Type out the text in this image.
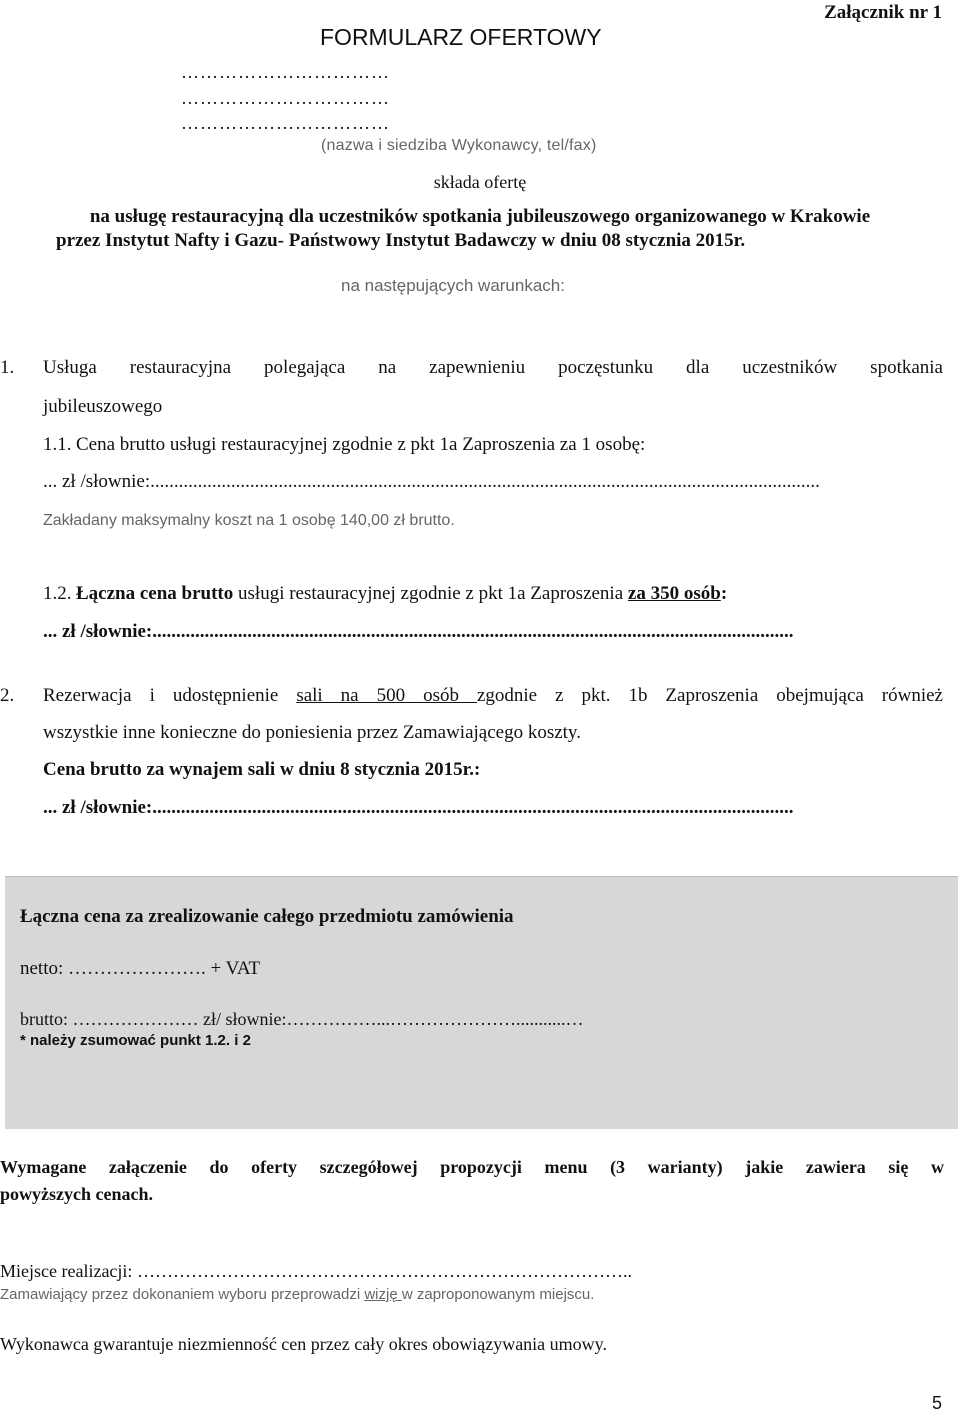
Załącznik nr 1
FORMULARZ OFERTOWY
……………………………
……………………………
……………………………
(nazwa i siedziba Wykonawcy, tel/fax)
składa ofertę
na usługę restauracyjną dla uczestników spotkania jubileuszowego organizowanego w Krakowie
przez Instytut Nafty i Gazu- Państwowy Instytut Badawczy w dniu 08 stycznia 2015r.
na następujących warunkach:
1. Usługa restauracyjna polegająca na zapewnieniu poczęstunku dla uczestników spotkania
jubileuszowego
1.1. Cena brutto usługi restauracyjnej zgodnie z pkt 1a Zaproszenia za 1 osobę:
... zł /słownie:.............................................................................................................................................
Zakładany maksymalny koszt na 1 osobę 140,00 zł brutto.
1.2. Łączna cena brutto usługi restauracyjnej zgodnie z pkt 1a Zaproszenia za 350 osób:
... zł /słownie:.......................................................................................................................................
2. Rezerwacja i udostępnienie sali na 500 osób zgodnie z pkt. 1b Zaproszenia obejmująca również
wszystkie inne konieczne do poniesienia przez Zamawiającego koszty.
Cena brutto za wynajem sali w dniu 8 stycznia 2015r.:
... zł /słownie:.......................................................................................................................................
Łączna cena za zrealizowanie całego przedmiotu zamówienia
netto: …………………. + VAT
brutto: ………………… zł/ słownie:……………...…………………...........…
* należy zsumować punkt 1.2. i 2
Wymagane załączenie do oferty szczegółowej propozycji menu (3 warianty) jakie zawiera się w
powyższych cenach.
Miejsce realizacji: ………………………………………………………………………..
Zamawiający przez dokonaniem wyboru przeprowadzi wizję w zaproponowanym miejscu.
Wykonawca gwarantuje niezmienność cen przez cały okres obowiązywania umowy.
5
